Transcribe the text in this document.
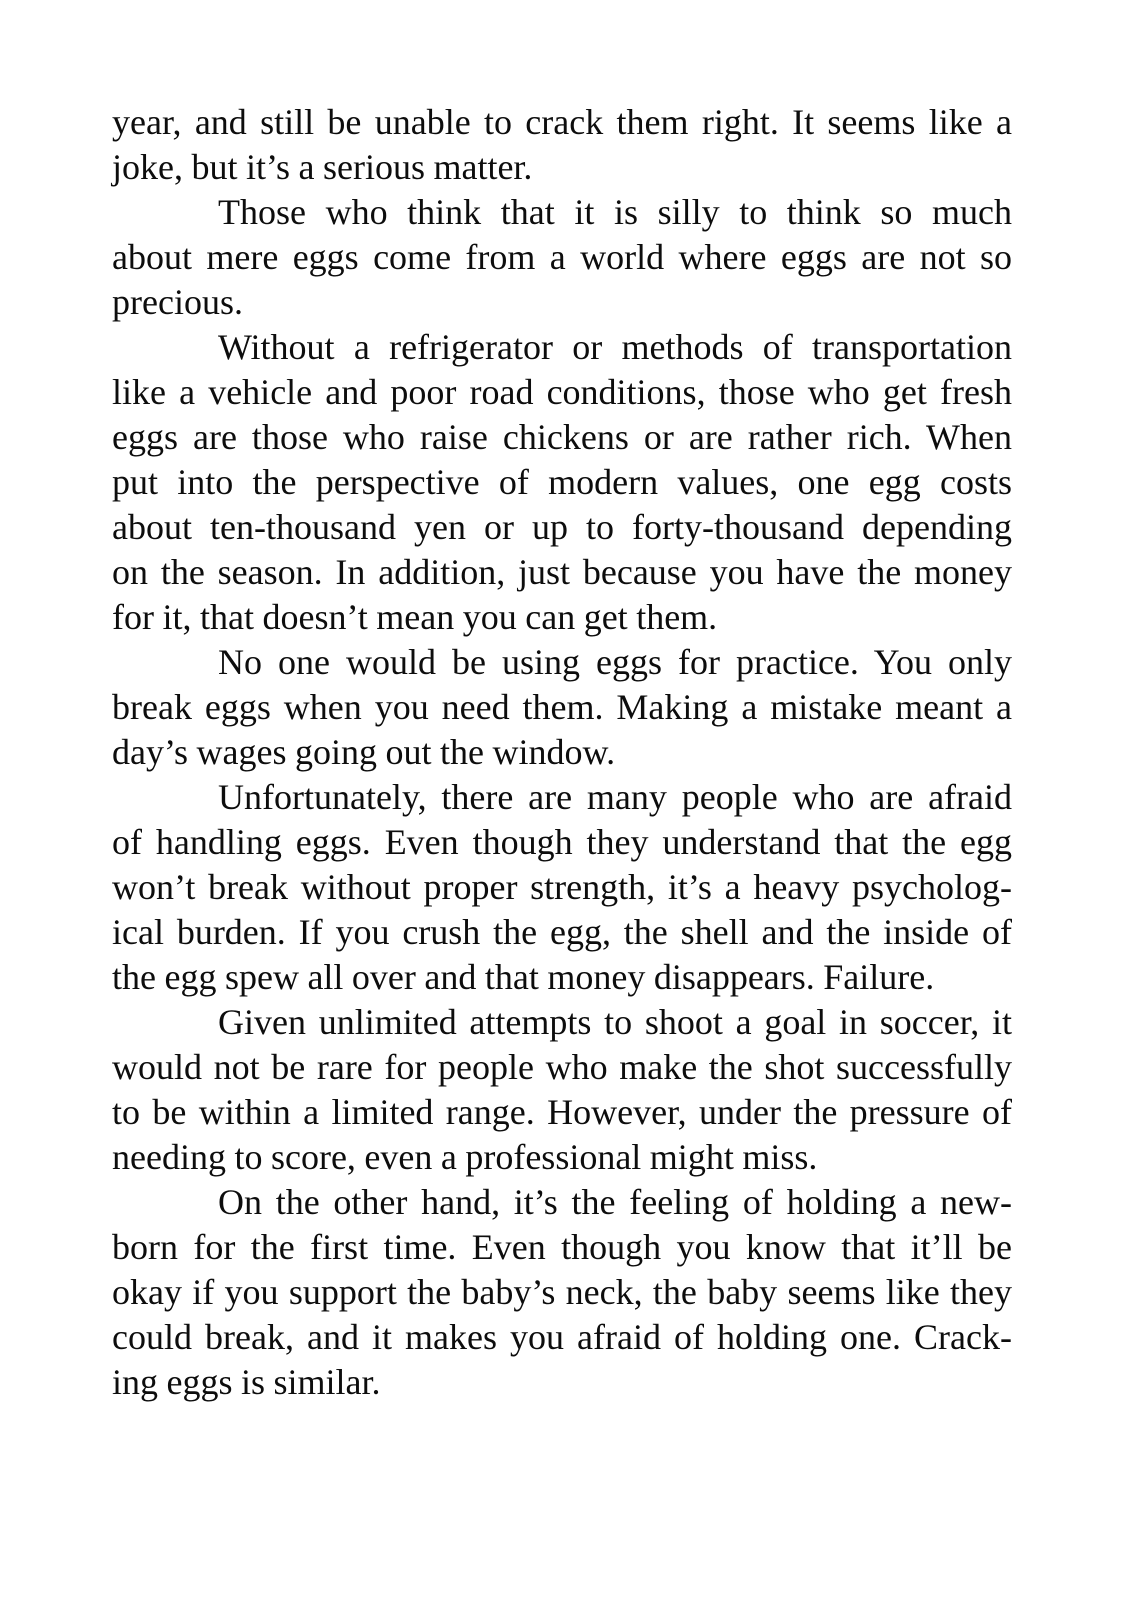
year, and still be unable to crack them right. It seems like a
joke, but it’s a serious matter.

Those who think that it is silly to think so much
about mere eggs come from a world where eggs are not so
precious.

Without a refrigerator or methods of transportation
like a vehicle and poor road conditions, those who get fresh
eggs are those who raise chickens or are rather rich. When
put into the perspective of modern values, one egg costs
about ten-thousand yen or up to forty-thousand depending
on the season. In addition, just because you have the money
for it, that doesn’t mean you can get them.

No one would be using eggs for practice. You only
break eggs when you need them. Making a mistake meant a
day’s wages going out the window.

Unfortunately, there are many people who are afraid
of handling eggs. Even though they understand that the egg
won’t break without proper strength, it’s a heavy psycholog-
ical burden. If you crush the egg, the shell and the inside of
the egg spew all over and that money disappears. Failure.

Given unlimited attempts to shoot a goal in soccer, it
would not be rare for people who make the shot successfully
to be within a limited range. However, under the pressure of
needing to score, even a professional might miss.

On the other hand, it’s the feeling of holding a new-
born for the first time. Even though you know that it’ll be
okay if you support the baby’s neck, the baby seems like they
could break, and it makes you afraid of holding one. Crack-
ing eggs is similar.
